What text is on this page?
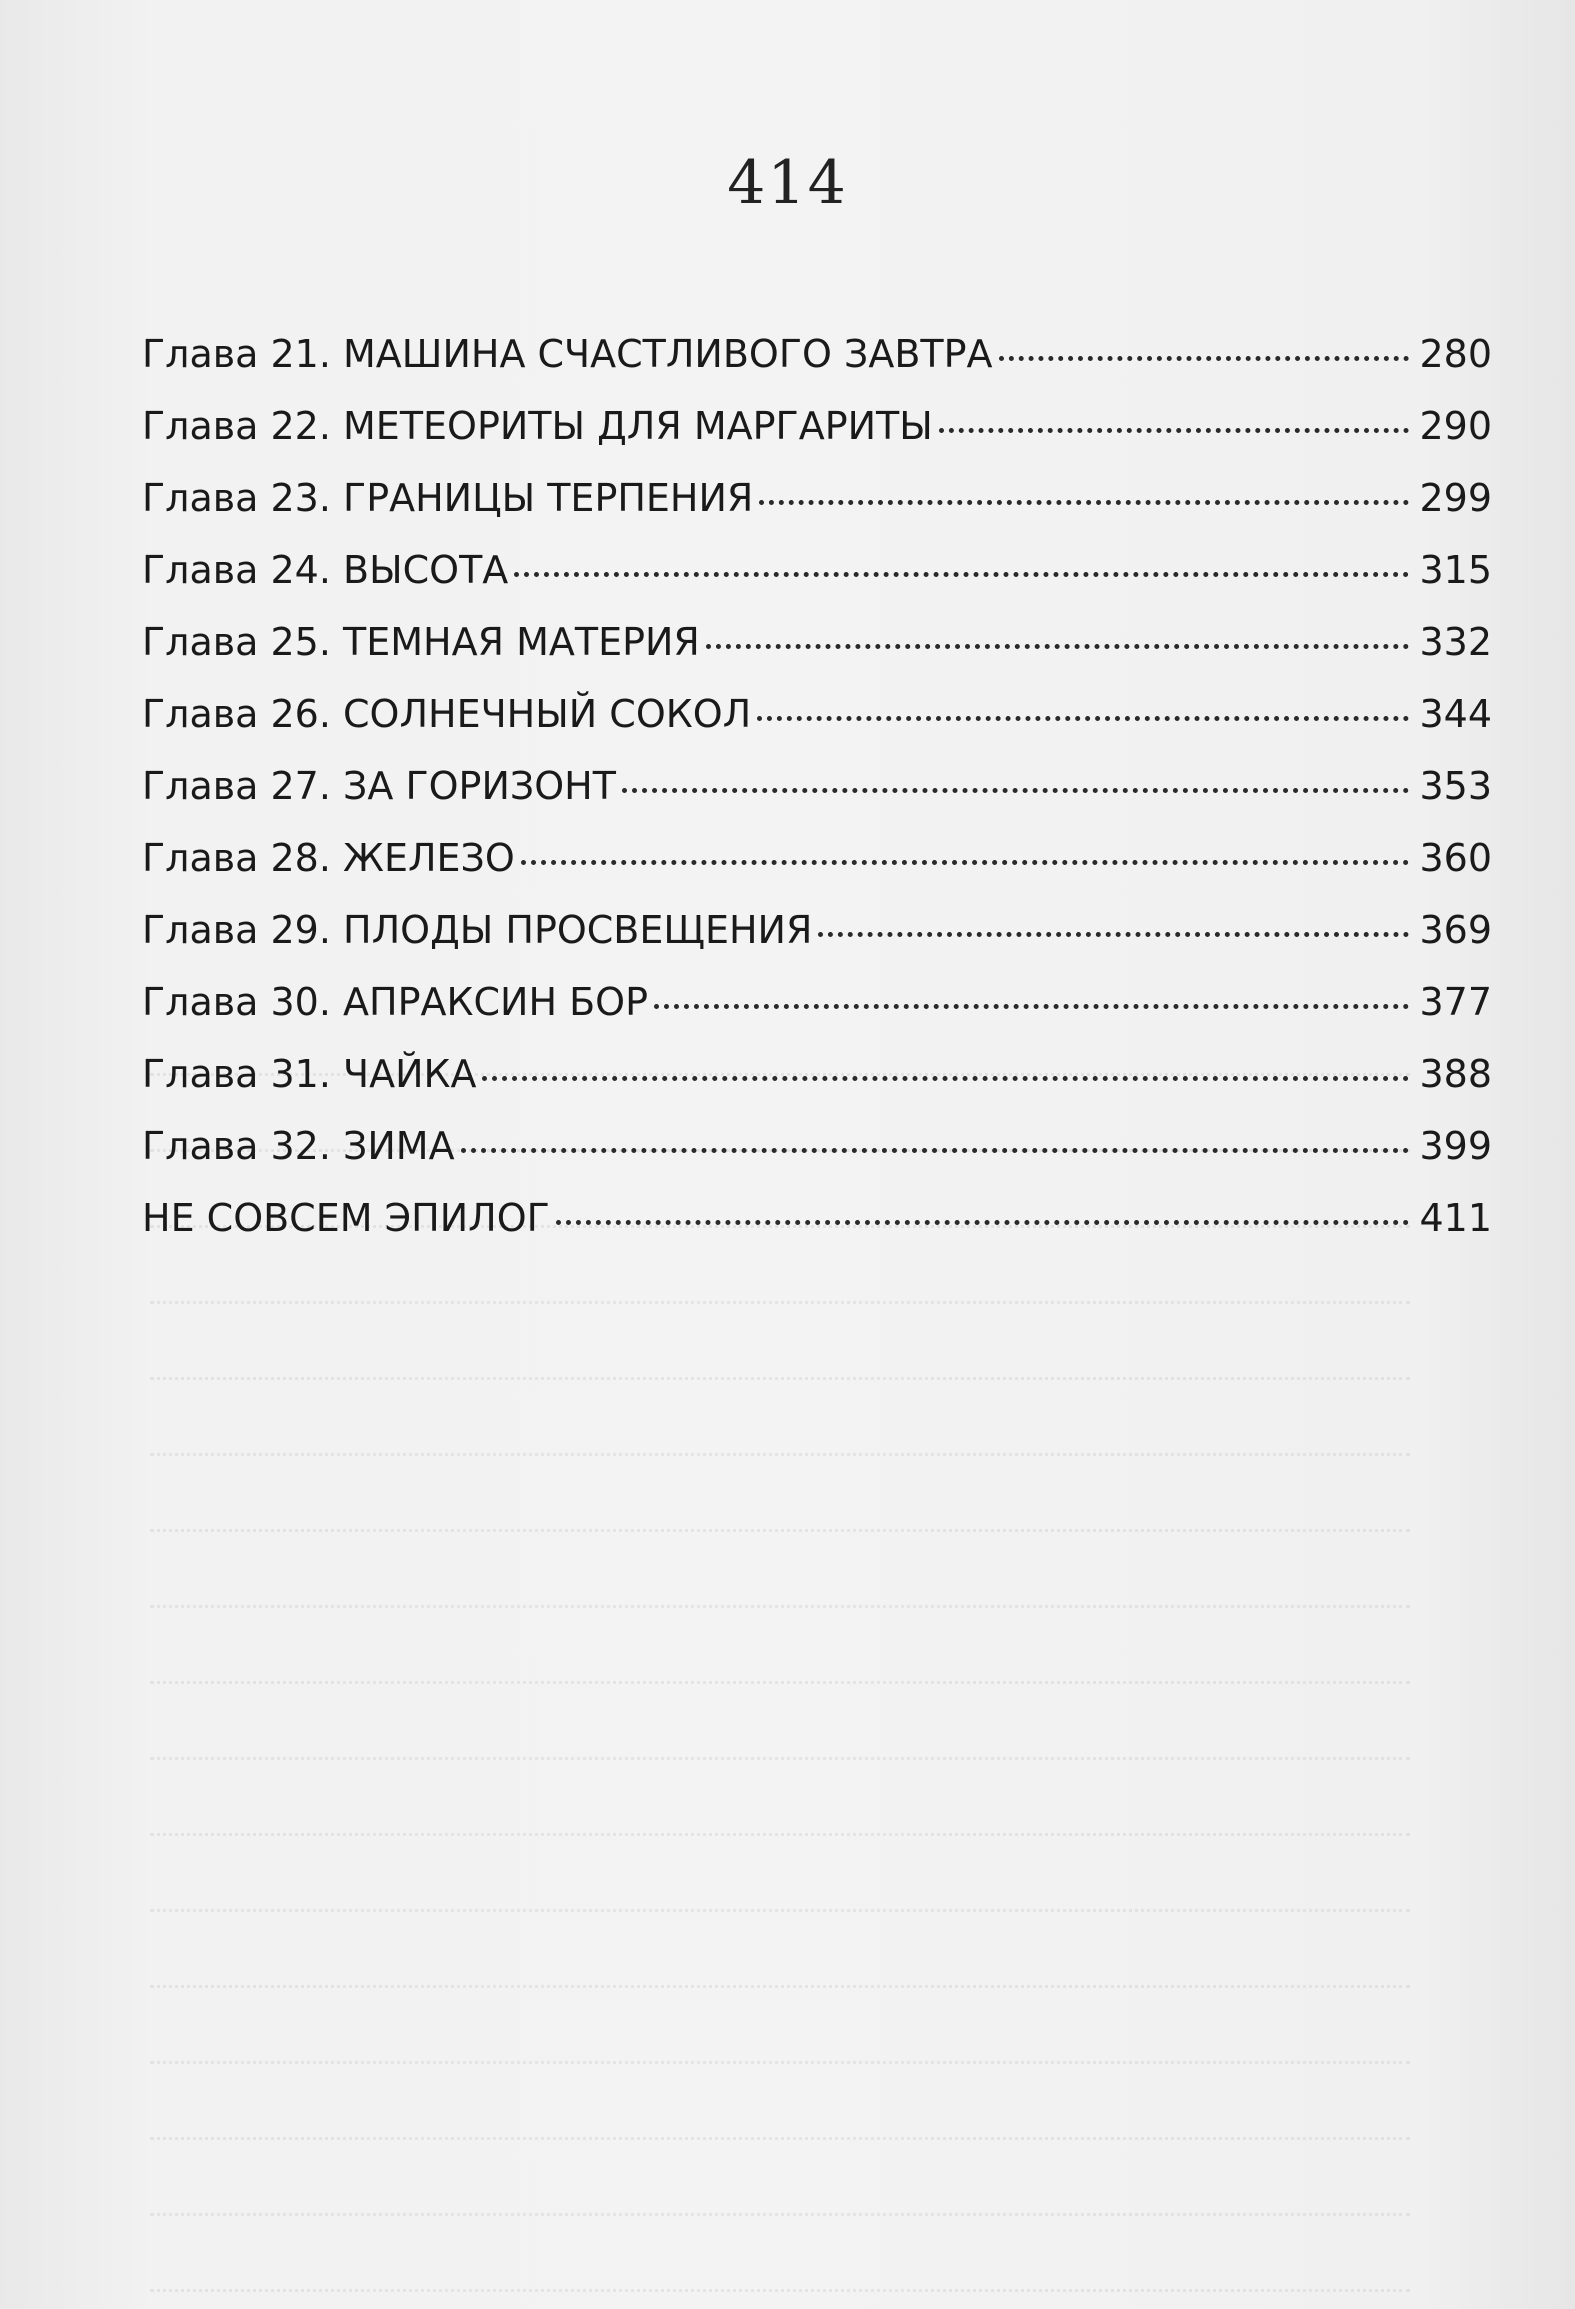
414
Глава 21. МАШИНА СЧАСТЛИВОГО ЗАВТРА	280
Глава 22. МЕТЕОРИТЫ ДЛЯ МАРГАРИТЫ	290
Глава 23. ГРАНИЦЫ ТЕРПЕНИЯ	299
Глава 24. ВЫСОТА	315
Глава 25. ТЕМНАЯ МАТЕРИЯ	332
Глава 26. СОЛНЕЧНЫЙ СОКОЛ	344
Глава 27. ЗА ГОРИЗОНТ	353
Глава 28. ЖЕЛЕЗО	360
Глава 29. ПЛОДЫ ПРОСВЕЩЕНИЯ	369
Глава 30. АПРАКСИН БОР	377
Глава 31. ЧАЙКА	388
Глава 32. ЗИМА	399
НЕ СОВСЕМ ЭПИЛОГ	411
